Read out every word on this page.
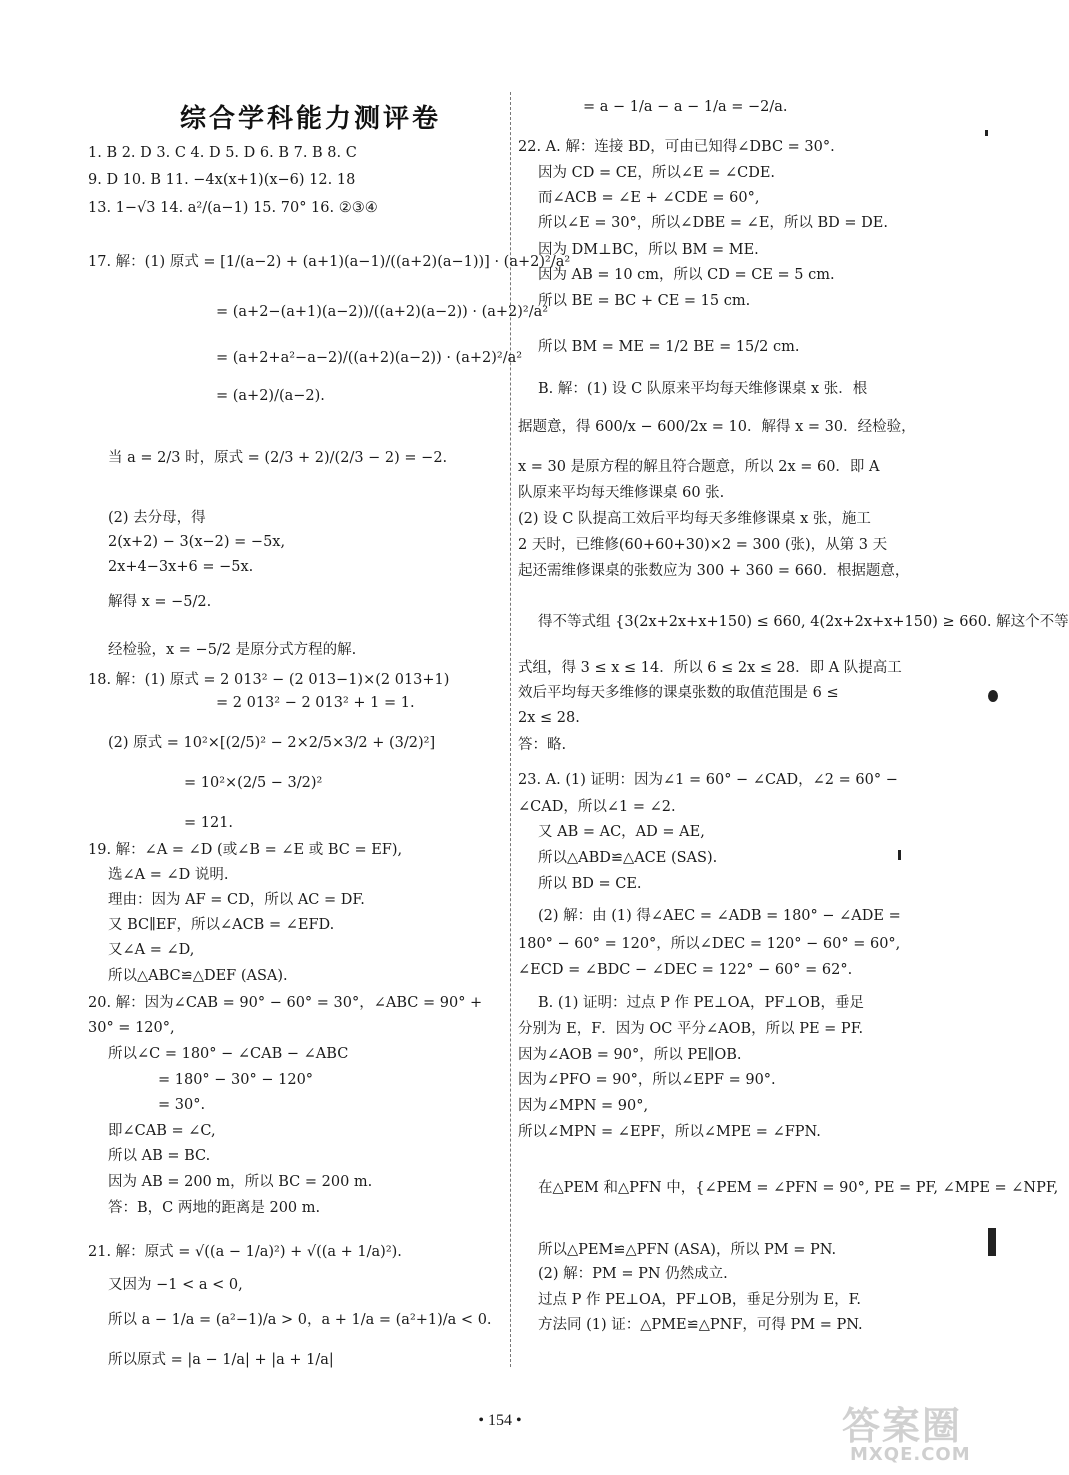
综合学科能力测评卷
1. B 2. D 3. C 4. D 5. D 6. B 7. B 8. C
9. D 10. B 11. −4x(x+1)(x−6) 12. 18
13. 1−√3 14. a²/(a−1) 15. 70° 16. ②③④
17. 解：(1) 原式 = [1/(a−2) + (a+1)(a−1)/((a+2)(a−1))] · (a+2)²/a²
= (a+2−(a+1)(a−2))/((a+2)(a−2)) · (a+2)²/a²
= (a+2+a²−a−2)/((a+2)(a−2)) · (a+2)²/a²
= (a+2)/(a−2).
当 a = 2/3 时，原式 = (2/3 + 2)/(2/3 − 2) = −2.
(2) 去分母，得
2(x+2) − 3(x−2) = −5x,
2x+4−3x+6 = −5x.
解得 x = −5/2.
经检验，x = −5/2 是原分式方程的解.
18. 解：(1) 原式 = 2 013² − (2 013−1)×(2 013+1)
= 2 013² − 2 013² + 1 = 1.
(2) 原式 = 10²×[(2/5)² − 2×2/5×3/2 + (3/2)²]
= 10²×(2/5 − 3/2)²
= 121.
19. 解：∠A = ∠D (或∠B = ∠E 或 BC = EF),
选∠A = ∠D 说明.
理由：因为 AF = CD，所以 AC = DF.
又 BC∥EF，所以∠ACB = ∠EFD.
又∠A = ∠D,
所以△ABC≌△DEF (ASA).
20. 解：因为∠CAB = 90° − 60° = 30°，∠ABC = 90° +
30° = 120°,
所以∠C = 180° − ∠CAB − ∠ABC
= 180° − 30° − 120°
= 30°.
即∠CAB = ∠C,
所以 AB = BC.
因为 AB = 200 m，所以 BC = 200 m.
答：B，C 两地的距离是 200 m.
21. 解：原式 = √((a − 1/a)²) + √((a + 1/a)²).
又因为 −1 < a < 0,
所以 a − 1/a = (a²−1)/a > 0，a + 1/a = (a²+1)/a < 0.
所以原式 = |a − 1/a| + |a + 1/a|
= a − 1/a − a − 1/a = −2/a.
22. A. 解：连接 BD，可由已知得∠DBC = 30°.
因为 CD = CE，所以∠E = ∠CDE.
而∠ACB = ∠E + ∠CDE = 60°,
所以∠E = 30°，所以∠DBE = ∠E，所以 BD = DE.
因为 DM⊥BC，所以 BM = ME.
因为 AB = 10 cm，所以 CD = CE = 5 cm.
所以 BE = BC + CE = 15 cm.
所以 BM = ME = 1/2 BE = 15/2 cm.
B. 解：(1) 设 C 队原来平均每天维修课桌 x 张．根
据题意，得 600/x − 600/2x = 10．解得 x = 30．经检验，
x = 30 是原方程的解且符合题意，所以 2x = 60．即 A
队原来平均每天维修课桌 60 张.
(2) 设 C 队提高工效后平均每天多维修课桌 x 张，施工
2 天时，已维修(60+60+30)×2 = 300 (张)，从第 3 天
起还需维修课桌的张数应为 300 + 360 = 660．根据题意，
得不等式组 {3(2x+2x+x+150) ≤ 660, 4(2x+2x+x+150) ≥ 660. 解这个不等
式组，得 3 ≤ x ≤ 14．所以 6 ≤ 2x ≤ 28．即 A 队提高工
效后平均每天多维修的课桌张数的取值范围是 6 ≤
2x ≤ 28.
答：略.
23. A. (1) 证明：因为∠1 = 60° − ∠CAD，∠2 = 60° −
∠CAD，所以∠1 = ∠2.
又 AB = AC，AD = AE,
所以△ABD≌△ACE (SAS).
所以 BD = CE.
(2) 解：由 (1) 得∠AEC = ∠ADB = 180° − ∠ADE =
180° − 60° = 120°，所以∠DEC = 120° − 60° = 60°,
∠ECD = ∠BDC − ∠DEC = 122° − 60° = 62°.
B. (1) 证明：过点 P 作 PE⊥OA，PF⊥OB，垂足
分别为 E，F．因为 OC 平分∠AOB，所以 PE = PF.
因为∠AOB = 90°，所以 PE∥OB.
因为∠PFO = 90°，所以∠EPF = 90°.
因为∠MPN = 90°,
所以∠MPN = ∠EPF，所以∠MPE = ∠FPN.
在△PEM 和△PFN 中，{∠PEM = ∠PFN = 90°, PE = PF, ∠MPE = ∠NPF,
所以△PEM≌△PFN (ASA)，所以 PM = PN.
(2) 解：PM = PN 仍然成立.
过点 P 作 PE⊥OA，PF⊥OB，垂足分别为 E，F.
方法同 (1) 证：△PME≌△PNF，可得 PM = PN.
• 154 •	答案圈
MXQE.COM
